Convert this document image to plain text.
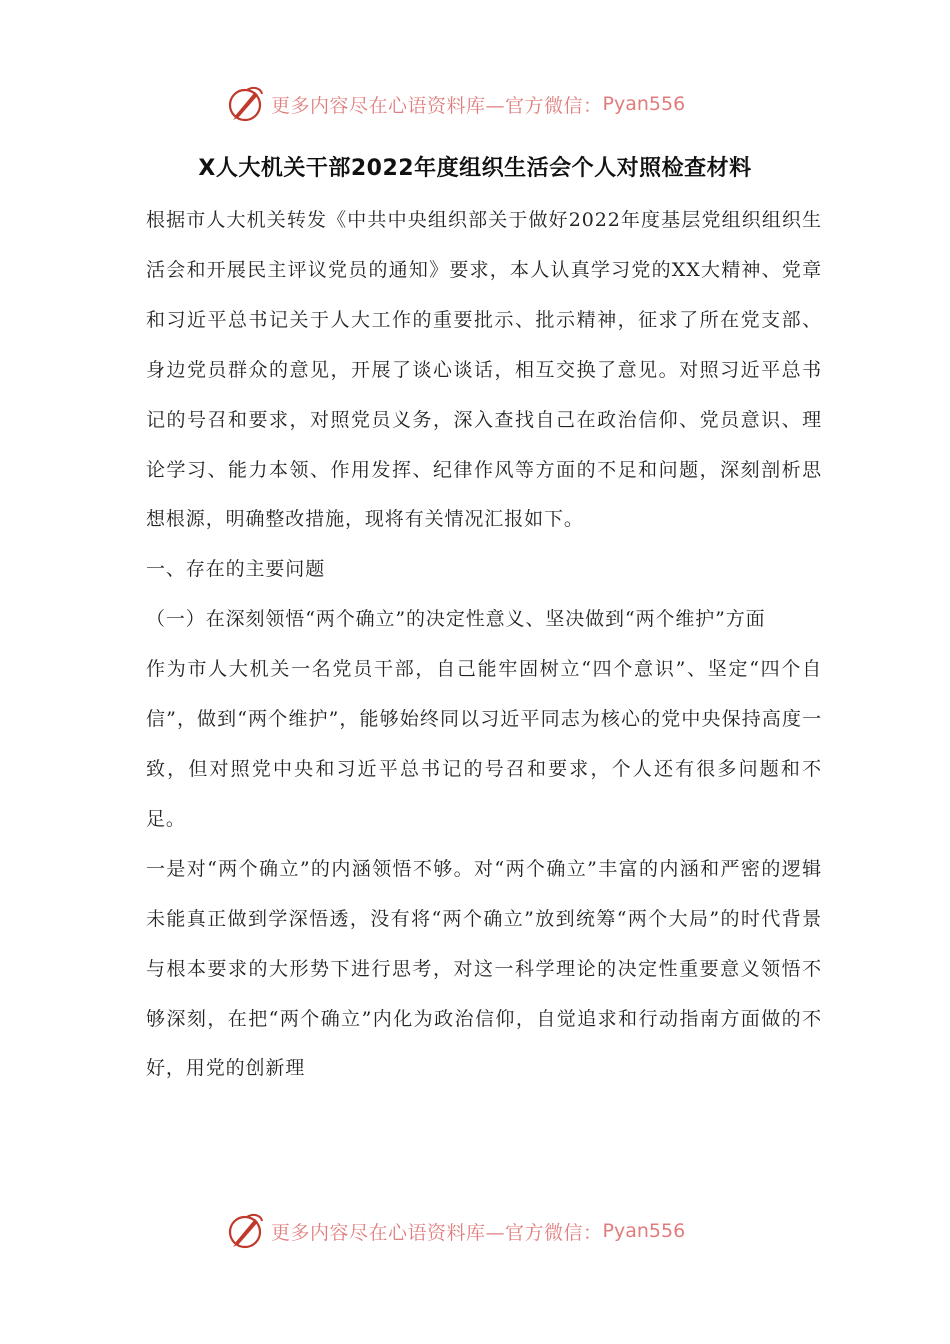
更多内容尽在心语资料库—官方微信： Pyan556
X人大机关干部2022年度组织生活会个人对照检查材料

根据市人大机关转发《中共中央组织部关于做好2022年度基层党组织组织生活会和开展民主评议党员的通知》要求，本人认真学习党的XX大精神、党章和习近平总书记关于人大工作的重要批示、批示精神，征求了所在党支部、身边党员群众的意见，开展了谈心谈话，相互交换了意见。对照习近平总书记的号召和要求，对照党员义务，深入查找自己在政治信仰、党员意识、理论学习、能力本领、作用发挥、纪律作风等方面的不足和问题，深刻剖析思想根源，明确整改措施，现将有关情况汇报如下。

一、存在的主要问题

（一）在深刻领悟“两个确立”的决定性意义、坚决做到“两个维护”方面

作为市人大机关一名党员干部，自己能牢固树立“四个意识”、坚定“四个自信”，做到“两个维护”，能够始终同以习近平同志为核心的党中央保持高度一致，但对照党中央和习近平总书记的号召和要求，个人还有很多问题和不足。

一是对“两个确立”的内涵领悟不够。对“两个确立”丰富的内涵和严密的逻辑未能真正做到学深悟透，没有将“两个确立”放到统筹“两个大局”的时代背景与根本要求的大形势下进行思考，对这一科学理论的决定性重要意义领悟不够深刻，在把“两个确立”内化为政治信仰，自觉追求和行动指南方面做的不好，用党的创新理

更多内容尽在心语资料库—官方微信： Pyan556
